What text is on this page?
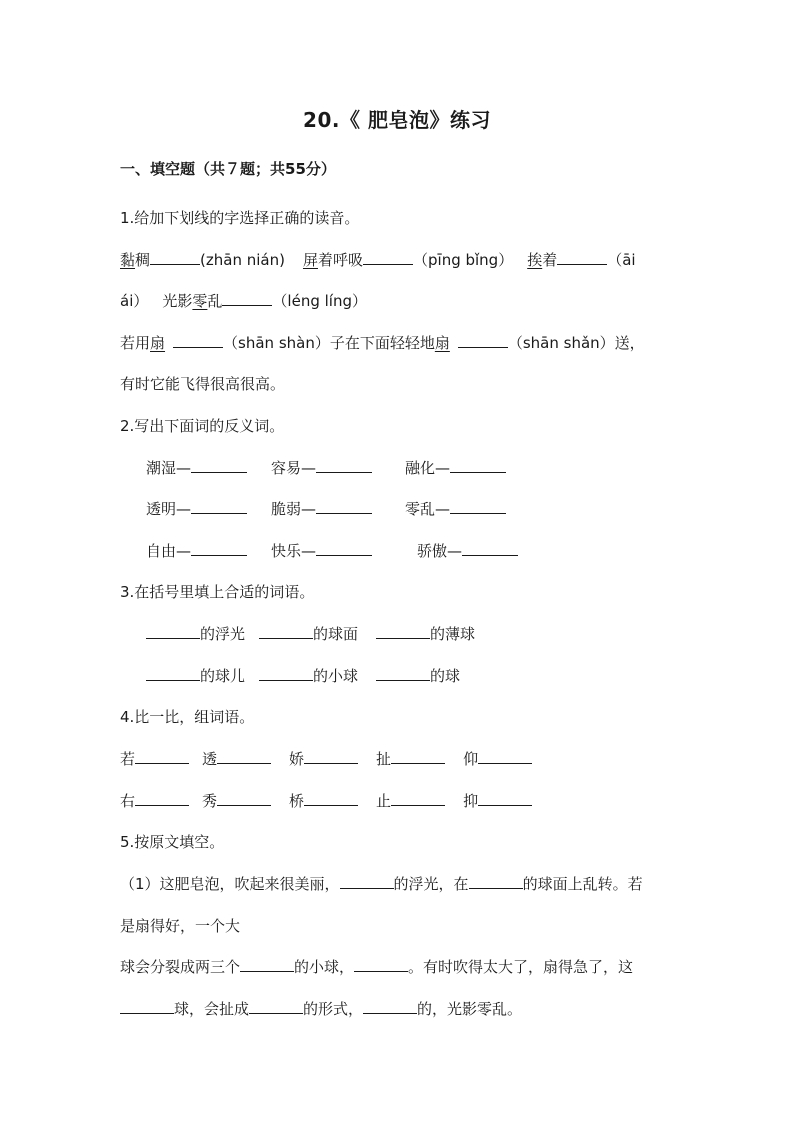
20.《 肥皂泡》练习
一、填空题（共７题；共55分）
1.给加下划线的字选择正确的读音。
黏稠	(zhān nián) 屏着呼吸	（pīng bǐng） 挨着	（āi
ái） 光影零乱	（léng líng）
若用扇	（shān shàn）子在下面轻轻地扇	（shān shǎn）送，
有时它能飞得很高很高。
2.写出下面词的反义词。
潮湿—	容易—	融化—
透明—	脆弱—	零乱—
自由—	快乐—	骄傲—
3.在括号里填上合适的词语。
的浮光	的球面	的薄球
的球儿	的小球	的球
4.比一比，组词语。
若	透	娇	扯	仰
右	秀	桥	止	抑
5.按原文填空。
（1）这肥皂泡，吹起来很美丽，	的浮光，在	的球面上乱转。若
是扇得好，一个大
球会分裂成两三个	的小球，	。有时吹得太大了，扇得急了，这
球，会扯成	的形式，	的，光影零乱。
